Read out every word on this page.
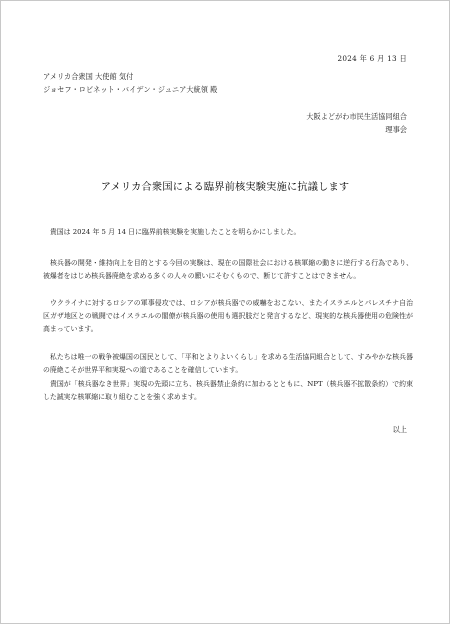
2024 年 6 月 13 日
アメリカ合衆国 大使館 気付
ジョセフ・ロビネット・バイデン・ジュニア大統領 殿
大阪よどがわ市民生活協同組合
理事会
アメリカ合衆国による臨界前核実験実施に抗議します

　貴国は 2024 年 5 月 14 日に臨界前核実験を実施したことを明らかにしました。

　核兵器の開発・維持向上を目的とする今回の実験は、現在の国際社会における核軍縮の動きに逆行する行為であり、被爆者をはじめ核兵器廃絶を求める多くの人々の願いにそむくもので、断じて許すことはできません。

　ウクライナに対するロシアの軍事侵攻では、ロシアが核兵器での威嚇をおこない、またイスラエルとパレスチナ自治区ガザ地区との戦闘ではイスラエルの閣僚が核兵器の使用も選択肢だと発言するなど、現実的な核兵器使用の危険性が高まっています。

　私たちは唯一の戦争被爆国の国民として、「平和とよりよいくらし」を求める生活協同組合として、すみやかな核兵器の廃絶こそが世界平和実現への道であることを確信しています。

　貴国が「核兵器なき世界」実現の先頭に立ち、核兵器禁止条約に加わるとともに、NPT（核兵器不拡散条約）で約束した誠実な核軍縮に取り組むことを強く求めます。

以上
